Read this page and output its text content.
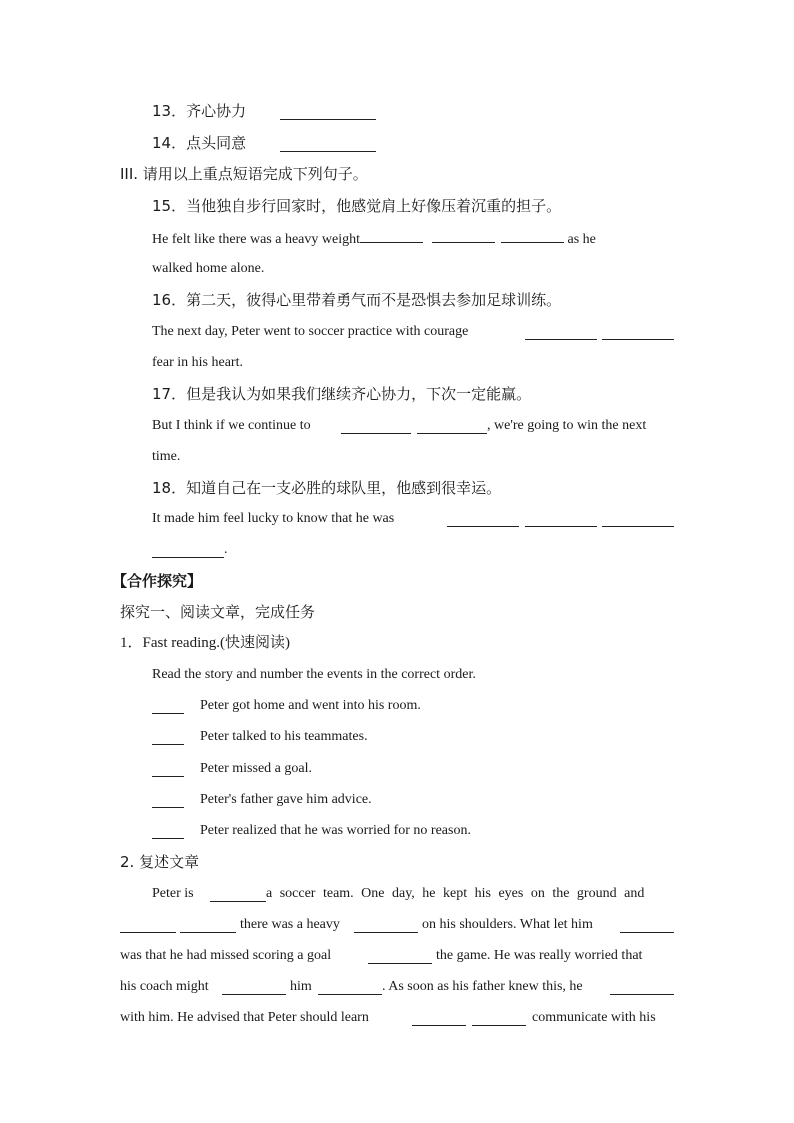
13．齐心协力
14．点头同意
III. 请用以上重点短语完成下列句子。
15．当他独自步行回家时，他感觉肩上好像压着沉重的担子。
He felt like there was a heavy weight	as he
walked home alone.
16．第二天，彼得心里带着勇气而不是恐惧去参加足球训练。
The next day, Peter went to soccer practice with courage
fear in his heart.
17．但是我认为如果我们继续齐心协力，下次一定能赢。
But I think if we continue to	, we're going to win the next
time.
18．知道自己在一支必胜的球队里，他感到很幸运。
It made him feel lucky to know that he was
.
【合作探究】
探究一、阅读文章，完成任务
1．Fast reading.(快速阅读)
Read the story and number the events in the correct order.
Peter got home and went into his room.
Peter talked to his teammates.
Peter missed a goal.
Peter's father gave him advice.
Peter realized that he was worried for no reason.
2. 复述文章
Peter is	a soccer team. One day, he kept his eyes on the ground and
there was a heavy	on his shoulders. What let him
was that he had missed scoring a goal	the game. He was really worried that
his coach might	him	. As soon as his father knew this, he
with him. He advised that Peter should learn	communicate with his
